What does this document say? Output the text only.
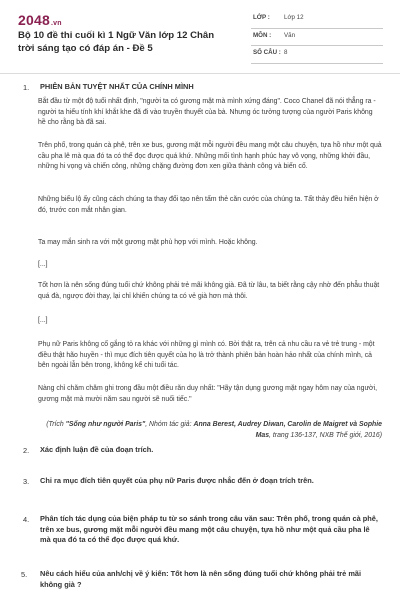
2048.vn
Bộ 10 đề thi cuối kì 1 Ngữ Văn lớp 12 Chân trời sáng tạo có đáp án - Đề 5
LỚP : Lớp 12
MÔN : Văn
SỐ CÂU : 8
1. PHIÊN BẢN TUYỆT NHẤT CỦA CHÍNH MÌNH

Bắt đầu từ một độ tuổi nhất định, "người ta có gương mặt mà mình xứng đáng". Coco Chanel đã nói thẳng ra - người ta hiểu tính khí khắt khe đã đi vào truyền thuyết của bà. Nhưng óc tưởng tượng của người Paris không hề cho rằng bà đã sai.

Trên phố, trong quán cà phê, trên xe bus, gương mặt mỗi người đều mang một câu chuyện, tựa hồ như một quả cầu pha lê mà qua đó ta có thể đọc được quá khứ. Những mối tình hạnh phúc hay vô vọng, những khởi đầu, những hi vọng và chiến công, những chặng đường đơn xen giữa thành công và biến cố.

Những biểu lộ ấy cũng cách chúng ta thay đổi tạo nên tấm thẻ căn cước của chúng ta. Tất thảy đều hiển hiện ở đó, trước con mắt nhân gian.

Ta may mắn sinh ra với một gương mặt phù hợp với mình. Hoặc không.

[...]

Tốt hơn là nên sống đúng tuổi chứ không phải trẻ mãi không già. Đã từ lâu, ta biết rằng cậy nhờ đến phẫu thuật quá đà, ngược đời thay, lại chỉ khiến chúng ta có vẻ già hơn mà thôi.

[...]

Phụ nữ Paris không cố gắng tỏ ra khác với những gì mình có. Bởi thật ra, trên cả nhu cầu ra vẻ trẻ trung - một điều thật hão huyền - thì mục đích tiên quyết của họ là trở thành phiên bản hoàn hảo nhất của chính mình, cả bên ngoài lẫn bên trong, không kể chi tuổi tác.

Nàng chỉ chăm chăm ghi trong đầu một điều răn duy nhất: "Hãy tận dụng gương mặt ngay hôm nay của người, gương mặt mà mười năm sau người sẽ nuối tiếc."

(Trích "Sống như người Paris", Nhóm tác giả: Anna Berest, Audrey Diwan, Carolin de Maigret và Sophie Mas, trang 136-137, NXB Thế giới, 2016)

2. Xác định luận đề của đoạn trích.
3. Chỉ ra mục đích tiên quyết của phụ nữ Paris được nhắc đến ở đoạn trích trên.
4. Phân tích tác dụng của biện pháp tu từ so sánh trong câu văn sau: Trên phố, trong quán cà phê, trên xe bus, gương mặt mỗi người đều mang một câu chuyện, tựa hồ như một quả cầu pha lê mà qua đó ta có thể đọc được quá khứ.
5. Nêu cách hiểu của anh/chị về ý kiến: Tốt hơn là nên sống đúng tuổi chứ không phải trẻ mãi không già ?
